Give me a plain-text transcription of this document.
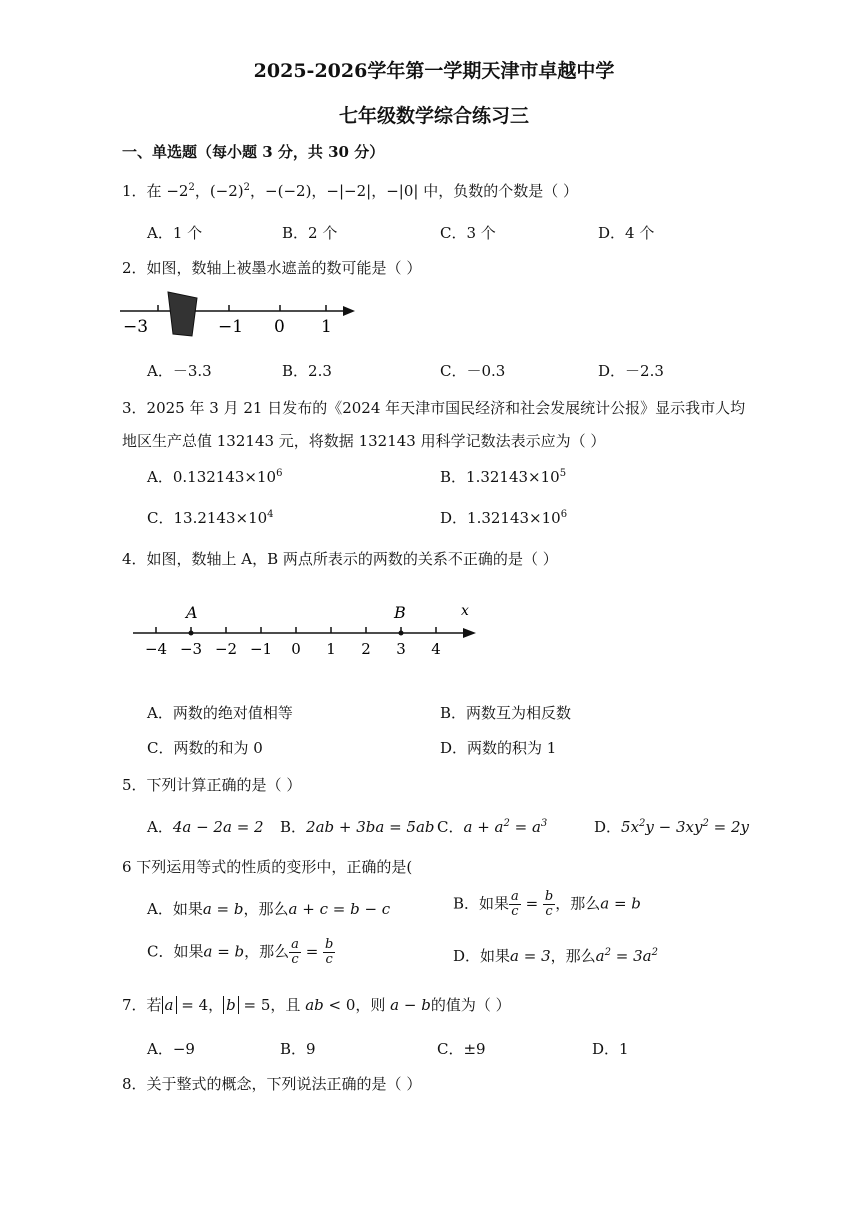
2025-2026学年第一学期天津市卓越中学
七年级数学综合练习三
一、单选题（每小题 3 分，共 30 分）
1．在 $-2^2$，$(-2)^2$，−(−2)，−|−2|，−|0| 中，负数的个数是（ ）
A．1 个	B．2 个	C．3 个	D．4 个
2．如图，数轴上被墨水遮盖的数可能是（ ）
−3	−1 0 1
A．－3.3	B．2.3	C．－0.3	D．－2.3
3．2025 年 3 月 21 日发布的《2024 年天津市国民经济和社会发展统计公报》显示我市人均
地区生产总值 132143 元，将数据 132143 用科学记数法表示应为（ ）
A．$0.132143\times 10^6$	B．$1.32143\times 10^5$
C．$13.2143\times 10^4$	D．$1.32143\times 10^6$
4．如图，数轴上 A，B 两点所表示的两数的关系不正确的是（ ）
A	B	x
−4 −3 −2 −1 0 1 2 3 4
A．两数的绝对值相等	B．两数互为相反数
C．两数的和为 0	D．两数的积为 1
5．下列计算正确的是（ ）
A．4a − 2a = 2 B．2ab + 3ba = 5ab C．$a + a^2 = a^3$	D．$5x^2y - 3xy^2 = 2y$
6 下列运用等式的性质的变形中，正确的是(
A．如果a = b，那么a + c = b − c	B．如果 $\frac{a}{c} = \frac{b}{c}$ ，那么a = b
C．如果a = b，那么 $\frac{a}{c} = \frac{b}{c}$	D．如果a = 3，那么$a^2 = 3a^2$
7．若 a = 4， b = 5，且 ab < 0，则 a − b的值为（ ）
A．−9	B．9	C．±9	D．1
8．关于整式的概念，下列说法正确的是（ ）
